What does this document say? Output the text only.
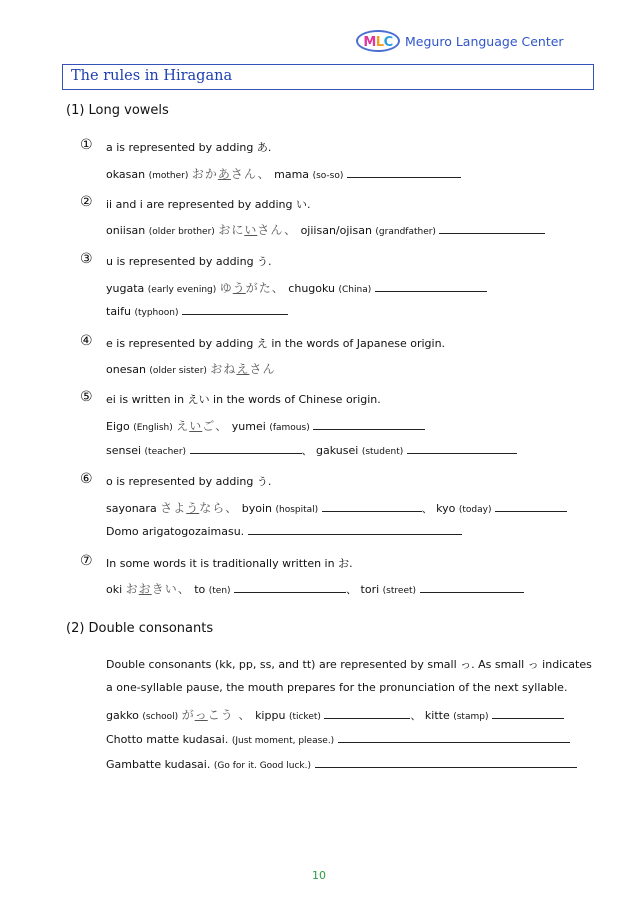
MLC Meguro Language Center
The rules in Hiragana
(1) Long vowels
① a is represented by adding あ.
okasan (mother) おかあさん、 mama (so-so)
② ii and i are represented by adding い.
oniisan (older brother) おにいさん、 ojiisan/ojisan (grandfather)
③ u is represented by adding う.
yugata (early evening) ゆうがた、 chugoku (China)
taifu (typhoon)
④ e is represented by adding え in the words of Japanese origin.
onesan (older sister) おねえさん
⑤ ei is written in えい in the words of Chinese origin.
Eigo (English) えいご、 yumei (famous)
sensei (teacher)	、 gakusei (student)
⑥ o is represented by adding う.
sayonara さようなら、 byoin (hospital)	、 kyo (today)
Domo arigatogozaimasu.
⑦ In some words it is traditionally written in お.
oki おおきい、 to (ten)	、 tori (street)
(2) Double consonants
Double consonants (kk, pp, ss, and tt) are represented by small っ. As small っ indicates
a one-syllable pause, the mouth prepares for the pronunciation of the next syllable.
gakko (school) がっこう 、 kippu (ticket)	、 kitte (stamp)
Chotto matte kudasai. (Just moment, please.)
Gambatte kudasai. (Go for it. Good luck.)
10
